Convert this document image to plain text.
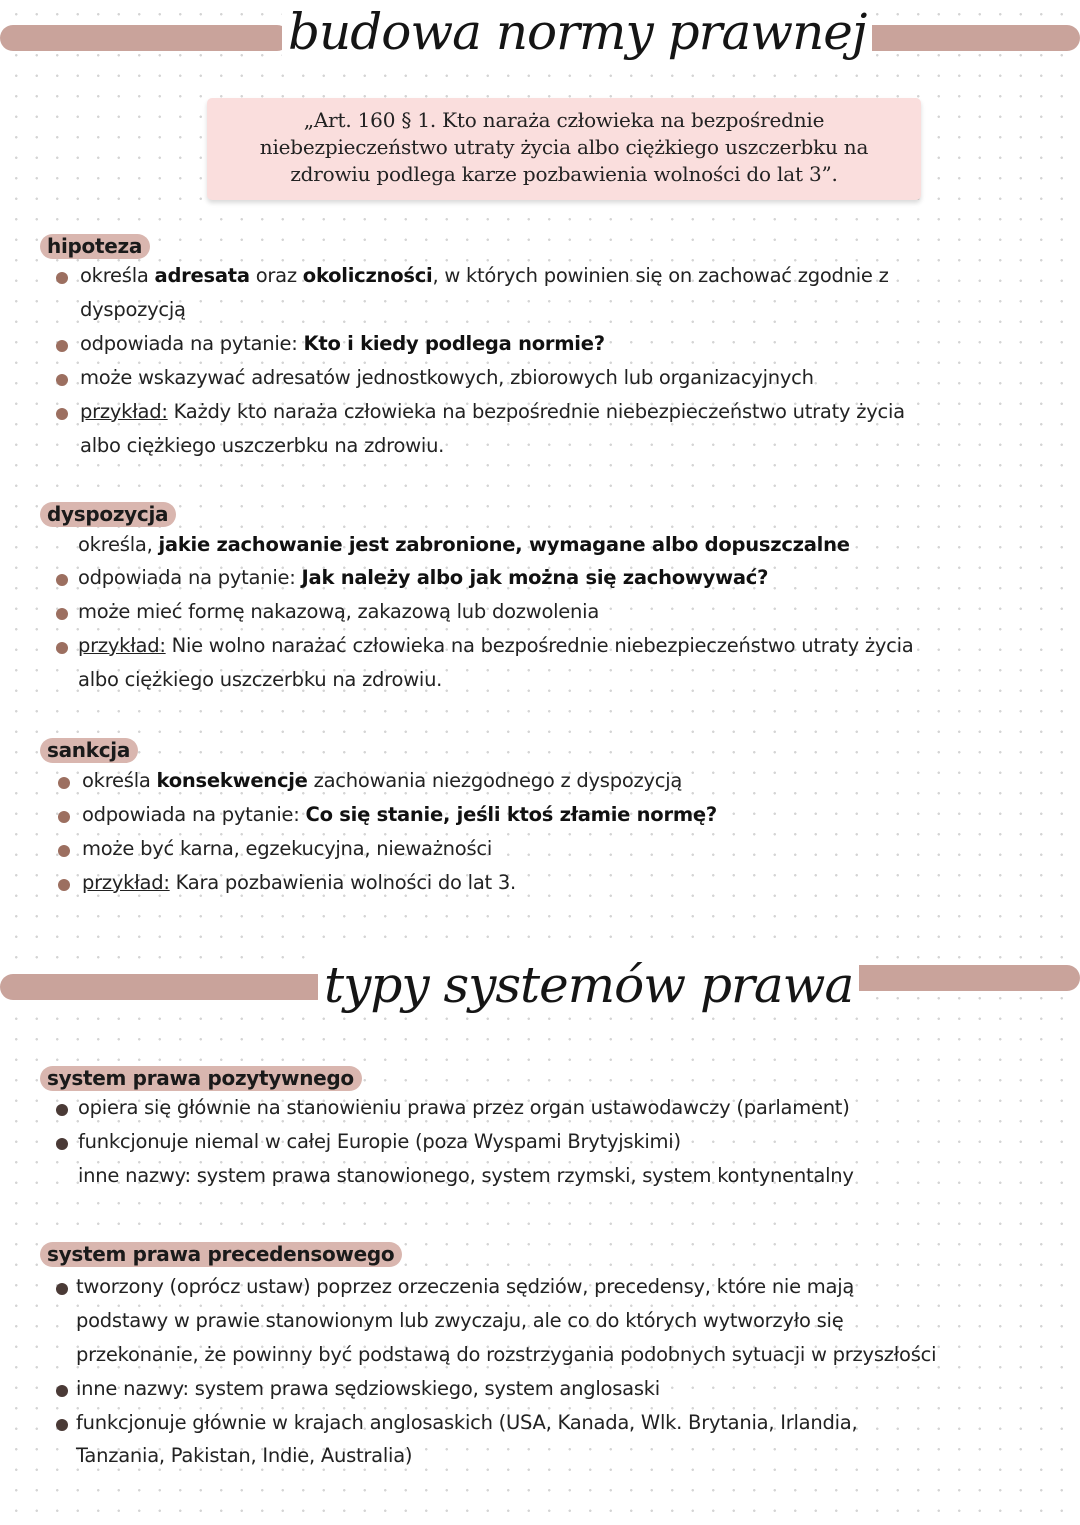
budowa normy prawnej
„Art. 160 § 1. Kto naraża człowieka na bezpośrednie
niebezpieczeństwo utraty życia albo ciężkiego uszczerbku na
zdrowiu podlega karze pozbawienia wolności do lat 3”.
hipoteza
określa adresata oraz okoliczności, w których powinien się on zachować zgodnie z
dyspozycją
odpowiada na pytanie: Kto i kiedy podlega normie?
może wskazywać adresatów jednostkowych, zbiorowych lub organizacyjnych
przykład: Każdy kto naraża człowieka na bezpośrednie niebezpieczeństwo utraty życia
albo ciężkiego uszczerbku na zdrowiu.
dyspozycja
określa, jakie zachowanie jest zabronione, wymagane albo dopuszczalne
odpowiada na pytanie: Jak należy albo jak można się zachowywać?
może mieć formę nakazową, zakazową lub dozwolenia
przykład: Nie wolno narażać człowieka na bezpośrednie niebezpieczeństwo utraty życia
albo ciężkiego uszczerbku na zdrowiu.
sankcja
określa konsekwencje zachowania niezgodnego z dyspozycją
odpowiada na pytanie: Co się stanie, jeśli ktoś złamie normę?
może być karna, egzekucyjna, nieważności
przykład: Kara pozbawienia wolności do lat 3.
typy systemów prawa
system prawa pozytywnego
opiera się głównie na stanowieniu prawa przez organ ustawodawczy (parlament)
funkcjonuje niemal w całej Europie (poza Wyspami Brytyjskimi)
inne nazwy: system prawa stanowionego, system rzymski, system kontynentalny
system prawa precedensowego
tworzony (oprócz ustaw) poprzez orzeczenia sędziów, precedensy, które nie mają
podstawy w prawie stanowionym lub zwyczaju, ale co do których wytworzyło się
przekonanie, że powinny być podstawą do rozstrzygania podobnych sytuacji w przyszłości
inne nazwy: system prawa sędziowskiego, system anglosaski
funkcjonuje głównie w krajach anglosaskich (USA, Kanada, Wlk. Brytania, Irlandia,
Tanzania, Pakistan, Indie, Australia)
